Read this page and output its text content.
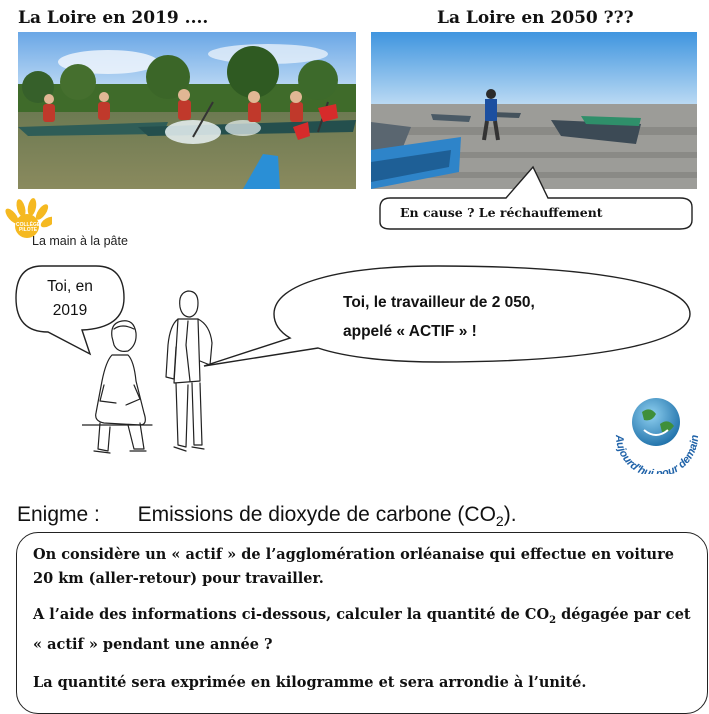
La Loire en 2019 ....	La Loire en 2050 ???
En cause ? Le réchauffement
COLLÈGE PILOTE
La main à la pâte
Toi, en
2019	Toi, le travailleur de 2 050,
appelé « ACTIF » !
Aujourd'hui pour demain
Enigme : Emissions de dioxyde de carbone $(CO_2)$.
On considère un « actif » de l’agglomération orléanaise qui effectue en voiture 20 km (aller-retour) pour travailler.
A l’aide des informations ci-dessous, calculer la quantité de $CO_2$ dégagée par cet « actif » pendant une année ?
La quantité sera exprimée en kilogramme et sera arrondie à l’unité.
